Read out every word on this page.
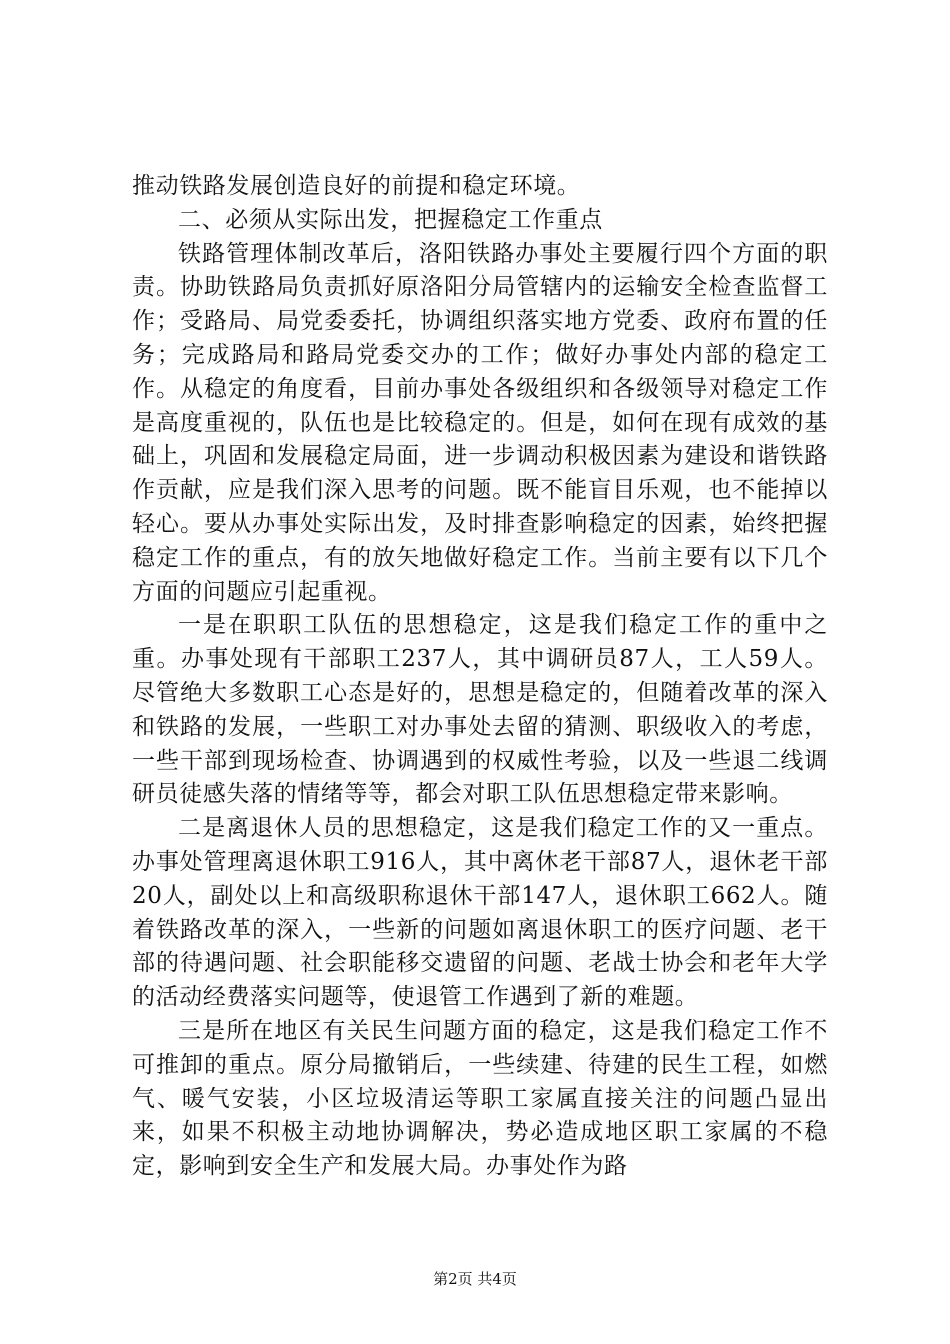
推动铁路发展创造良好的前提和稳定环境。

二、必须从实际出发，把握稳定工作重点

铁路管理体制改革后，洛阳铁路办事处主要履行四个方面的职责。协助铁路局负责抓好原洛阳分局管辖内的运输安全检查监督工作；受路局、局党委委托，协调组织落实地方党委、政府布置的任务；完成路局和路局党委交办的工作；做好办事处内部的稳定工作。从稳定的角度看，目前办事处各级组织和各级领导对稳定工作是高度重视的，队伍也是比较稳定的。但是，如何在现有成效的基础上，巩固和发展稳定局面，进一步调动积极因素为建设和谐铁路作贡献，应是我们深入思考的问题。既不能盲目乐观，也不能掉以轻心。要从办事处实际出发，及时排查影响稳定的因素，始终把握稳定工作的重点，有的放矢地做好稳定工作。当前主要有以下几个方面的问题应引起重视。

一是在职职工队伍的思想稳定，这是我们稳定工作的重中之重。办事处现有干部职工237人，其中调研员87人，工人59人。尽管绝大多数职工心态是好的，思想是稳定的，但随着改革的深入和铁路的发展，一些职工对办事处去留的猜测、职级收入的考虑，一些干部到现场检查、协调遇到的权威性考验，以及一些退二线调研员徒感失落的情绪等等，都会对职工队伍思想稳定带来影响。

二是离退休人员的思想稳定，这是我们稳定工作的又一重点。办事处管理离退休职工916人，其中离休老干部87人，退休老干部20人，副处以上和高级职称退休干部147人，退休职工662人。随着铁路改革的深入，一些新的问题如离退休职工的医疗问题、老干部的待遇问题、社会职能移交遗留的问题、老战士协会和老年大学的活动经费落实问题等，使退管工作遇到了新的难题。

三是所在地区有关民生问题方面的稳定，这是我们稳定工作不可推卸的重点。原分局撤销后，一些续建、待建的民生工程，如燃气、暖气安装，小区垃圾清运等职工家属直接关注的问题凸显出来，如果不积极主动地协调解决，势必造成地区职工家属的不稳定，影响到安全生产和发展大局。办事处作为路

第2页 共4页
